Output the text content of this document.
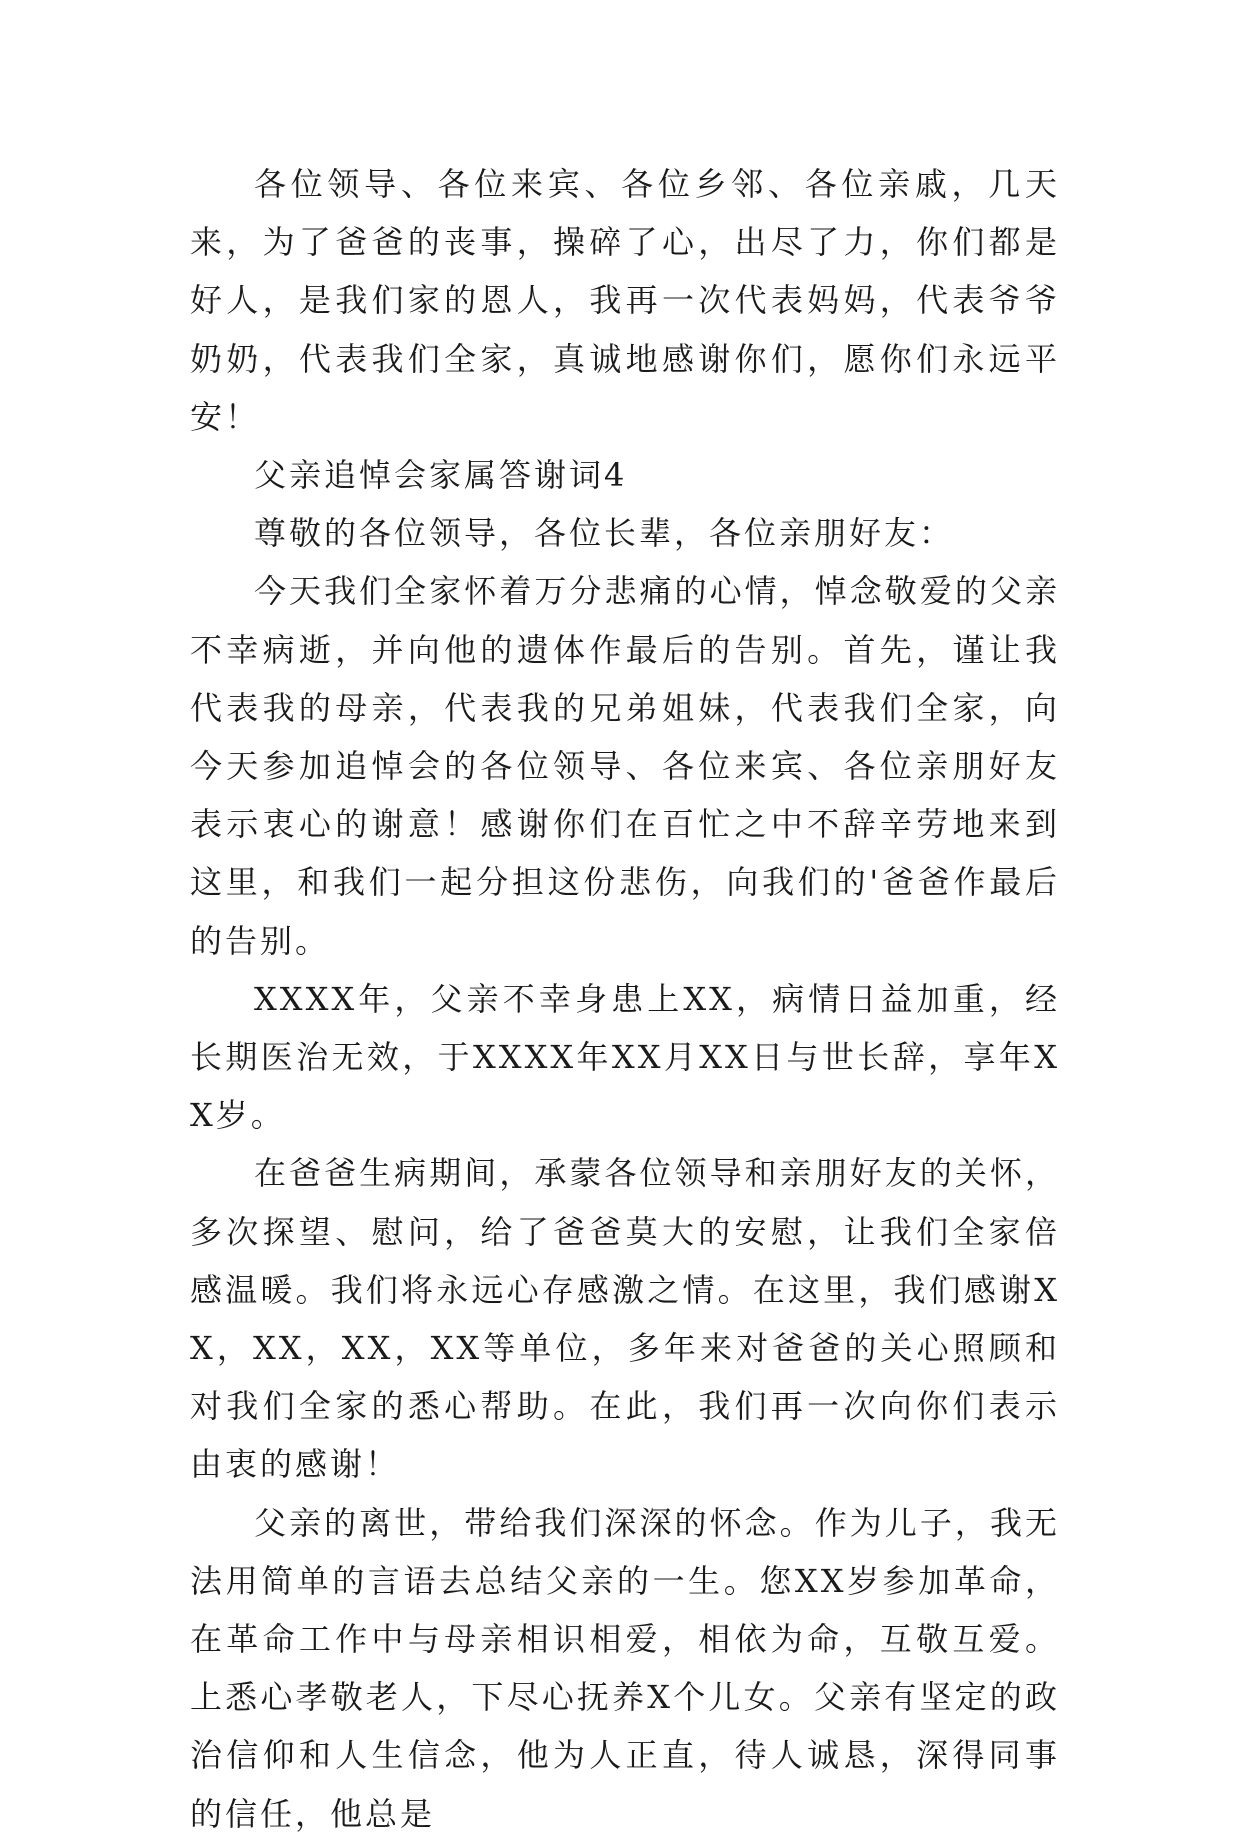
各位领导、各位来宾、各位乡邻、各位亲戚，几天来，为了爸爸的丧事，操碎了心，出尽了力，你们都是好人，是我们家的恩人，我再一次代表妈妈，代表爷爷奶奶，代表我们全家，真诚地感谢你们，愿你们永远平安！

父亲追悼会家属答谢词4

尊敬的各位领导，各位长辈，各位亲朋好友：

今天我们全家怀着万分悲痛的心情，悼念敬爱的父亲不幸病逝，并向他的遗体作最后的告别。首先，谨让我代表我的母亲，代表我的兄弟姐妹，代表我们全家，向今天参加追悼会的各位领导、各位来宾、各位亲朋好友表示衷心的谢意！感谢你们在百忙之中不辞辛劳地来到这里，和我们一起分担这份悲伤，向我们的'爸爸作最后的告别。

XXXX年，父亲不幸身患上XX，病情日益加重，经长期医治无效，于XXXX年XX月XX日与世长辞，享年XX岁。

在爸爸生病期间，承蒙各位领导和亲朋好友的关怀，多次探望、慰问，给了爸爸莫大的安慰，让我们全家倍感温暖。我们将永远心存感激之情。在这里，我们感谢XX，XX，XX，XX等单位，多年来对爸爸的关心照顾和对我们全家的悉心帮助。在此，我们再一次向你们表示由衷的感谢！

父亲的离世，带给我们深深的怀念。作为儿子，我无法用简单的言语去总结父亲的一生。您XX岁参加革命，在革命工作中与母亲相识相爱，相依为命，互敬互爱。上悉心孝敬老人，下尽心抚养X个儿女。父亲有坚定的政治信仰和人生信念，他为人正直，待人诚恳，深得同事的信任，他总是
